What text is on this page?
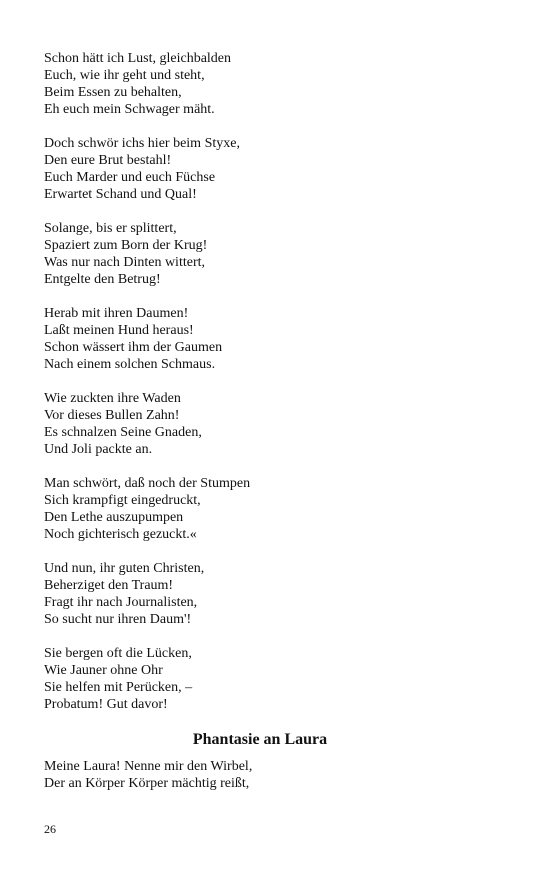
Schon hätt ich Lust, gleichbalden
Euch, wie ihr geht und steht,
Beim Essen zu behalten,
Eh euch mein Schwager mäht.
Doch schwör ichs hier beim Styxe,
Den eure Brut bestahl!
Euch Marder und euch Füchse
Erwartet Schand und Qual!
Solange, bis er splittert,
Spaziert zum Born der Krug!
Was nur nach Dinten wittert,
Entgelte den Betrug!
Herab mit ihren Daumen!
Laßt meinen Hund heraus!
Schon wässert ihm der Gaumen
Nach einem solchen Schmaus.
Wie zuckten ihre Waden
Vor dieses Bullen Zahn!
Es schnalzen Seine Gnaden,
Und Joli packte an.
Man schwört, daß noch der Stumpen
Sich krampfigt eingedruckt,
Den Lethe auszupumpen
Noch gichterisch gezuckt.«
Und nun, ihr guten Christen,
Beherziget den Traum!
Fragt ihr nach Journalisten,
So sucht nur ihren Daum'!
Sie bergen oft die Lücken,
Wie Jauner ohne Ohr
Sie helfen mit Perücken, –
Probatum! Gut davor!
Phantasie an Laura
Meine Laura! Nenne mir den Wirbel,
Der an Körper Körper mächtig reißt,
26
